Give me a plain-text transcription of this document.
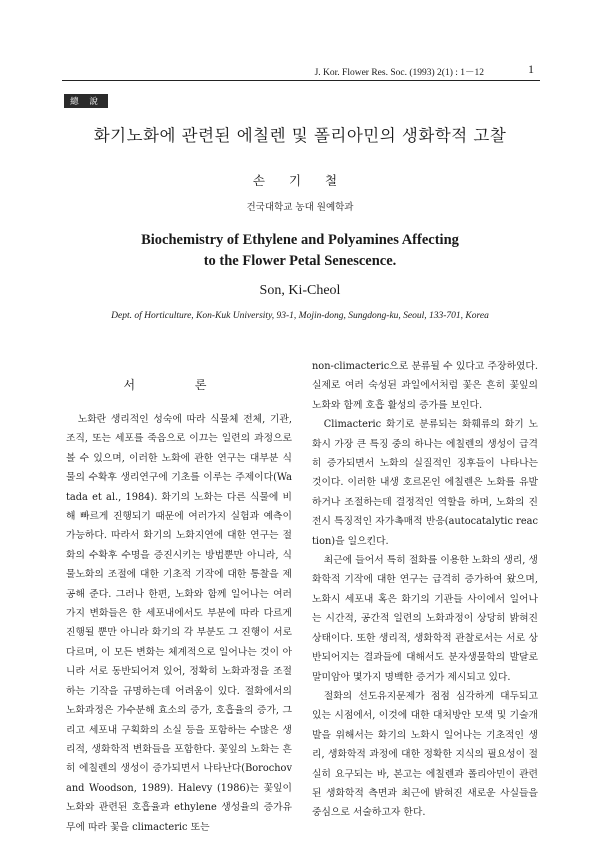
J. Kor. Flower Res. Soc. (1993) 2(1) : 1－12	1
總 說
화기노화에 관련된 에칠렌 및 폴리아민의 생화학적 고찰
손 기 철
건국대학교 농대 원예학과
Biochemistry of Ethylene and Polyamines Affecting
to the Flower Petal Senescence.
Son, Ki-Cheol
Dept. of Horticulture, Kon-Kuk University, 93-1, Mojin-dong, Sungdong-ku, Seoul, 133-701, Korea
서 론

노화란 생리적인 성숙에 따라 식물체 전체, 기관, 조직, 또는 세포를 죽음으로 이끄는 일련의 과정으로 볼 수 있으며, 이러한 노화에 관한 연구는 대부분 식물의 수확후 생리연구에 기초를 이루는 주제이다(Watada et al., 1984). 화기의 노화는 다른 식물에 비해 빠르게 진행되기 때문에 여러가지 실험과 예측이 가능하다. 따라서 화기의 노화지연에 대한 연구는 절화의 수확후 수명을 증진시키는 방법뿐만 아니라, 식물노화의 조절에 대한 기초적 기작에 대한 통찰을 제공해 준다. 그러나 한편, 노화와 함께 일어나는 여러가지 변화들은 한 세포내에서도 부분에 따라 다르게 진행될 뿐만 아니라 화기의 각 부분도 그 진행이 서로 다르며, 이 모든 변화는 체계적으로 일어나는 것이 아니라 서로 동반되어져 있어, 정확히 노화과정을 조절하는 기작을 규명하는데 어려움이 있다. 절화에서의 노화과정은 가수분해 효소의 증가, 호흡율의 증가, 그리고 세포내 구획화의 소실 등을 포함하는 수많은 생리적, 생화학적 변화들을 포함한다. 꽃잎의 노화는 흔히 에칠렌의 생성이 증가되면서 나타난다(Borochov and Woodson, 1989). Halevy (1986)는 꽃잎이 노화와 관련된 호흡율과 ethylene 생성율의 증가유무에 따라 꽃을 climacteric 또는

non-climacteric으로 분류될 수 있다고 주장하였다. 실제로 여러 숙성된 과일에서처럼 꽃은 흔히 꽃잎의 노화와 함께 호흡 활성의 증가를 보인다.

Climacteric 화기로 분류되는 화훼류의 화기 노화시 가장 큰 특징 중의 하나는 에칠렌의 생성이 급격히 증가되면서 노화의 실질적인 징후들이 나타나는 것이다. 이러한 내생 호르몬인 에칠렌은 노화를 유발하거나 조절하는데 결정적인 역할을 하며, 노화의 진전시 특징적인 자가촉매적 반응(autocatalytic reaction)을 일으킨다.

최근에 들어서 특히 절화를 이용한 노화의 생리, 생화학적 기작에 대한 연구는 급격히 증가하여 왔으며, 노화시 세포내 혹은 화기의 기관들 사이에서 일어나는 시간적, 공간적 일련의 노화과정이 상당히 밝혀진 상태이다. 또한 생리적, 생화학적 관찰로서는 서로 상반되어지는 결과들에 대해서도 분자생물학의 발달로 말미암아 몇가지 명백한 증거가 제시되고 있다.

절화의 선도유지문제가 점점 심각하게 대두되고 있는 시점에서, 이것에 대한 대처방안 모색 및 기술개발을 위해서는 화기의 노화시 일어나는 기초적인 생리, 생화학적 과정에 대한 정확한 지식의 필요성이 절실히 요구되는 바, 본고는 에칠렌과 폴리아민이 관련된 생화학적 측면과 최근에 밝혀진 새로운 사실들을 중심으로 서술하고자 한다.
